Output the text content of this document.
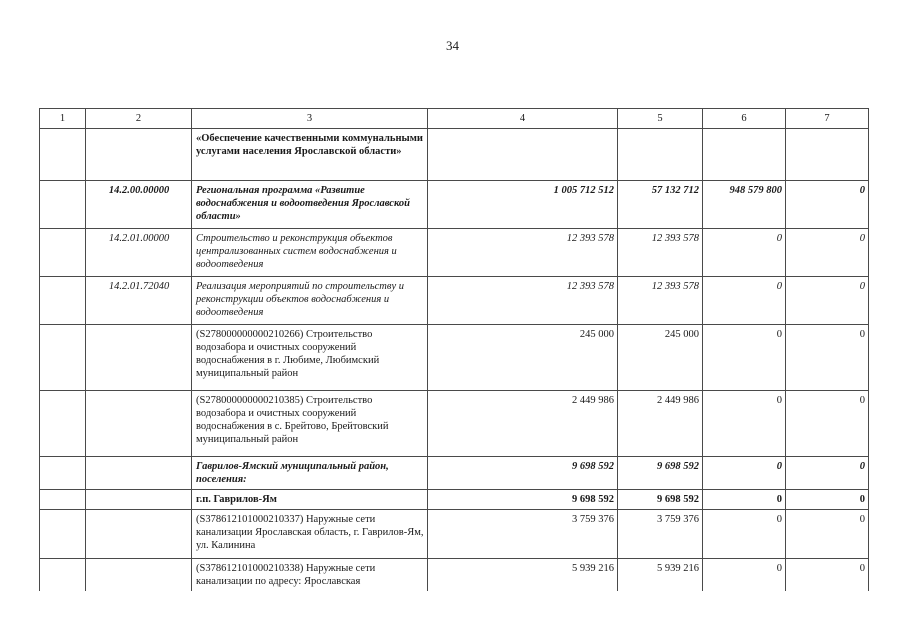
34
1	2	3	4	5	6	7
		«Обеспечение качественными коммунальными услугами населения Ярославской области»				
	14.2.00.00000	Региональная программа «Развитие водоснабжения и водоотведения Ярославской области»	1 005 712 512	57 132 712	948 579 800	0
	14.2.01.00000	Строительство и реконструкция объектов централизованных систем водоснабжения и водоотведения	12 393 578	12 393 578	0	0
	14.2.01.72040	Реализация мероприятий по строительству и реконструкции объектов водоснабжения и водоотведения	12 393 578	12 393 578	0	0
		(S278000000000210266) Строительство водозабора и очистных сооружений водоснабжения в г. Любиме, Любимский муниципальный район	245 000	245 000	0	0
		(S278000000000210385) Строительство водозабора и очистных сооружений водоснабжения в с. Брейтово, Брейтовский муниципальный район	2 449 986	2 449 986	0	0
		Гаврилов-Ямский муниципальный район, поселения:	9 698 592	9 698 592	0	0
		г.п. Гаврилов-Ям	9 698 592	9 698 592	0	0
		(S378612101000210337) Наружные сети канализации Ярославская область, г. Гаврилов-Ям, ул. Калинина	3 759 376	3 759 376	0	0
		(S378612101000210338) Наружные сети канализации по адресу: Ярославская	5 939 216	5 939 216	0	0
